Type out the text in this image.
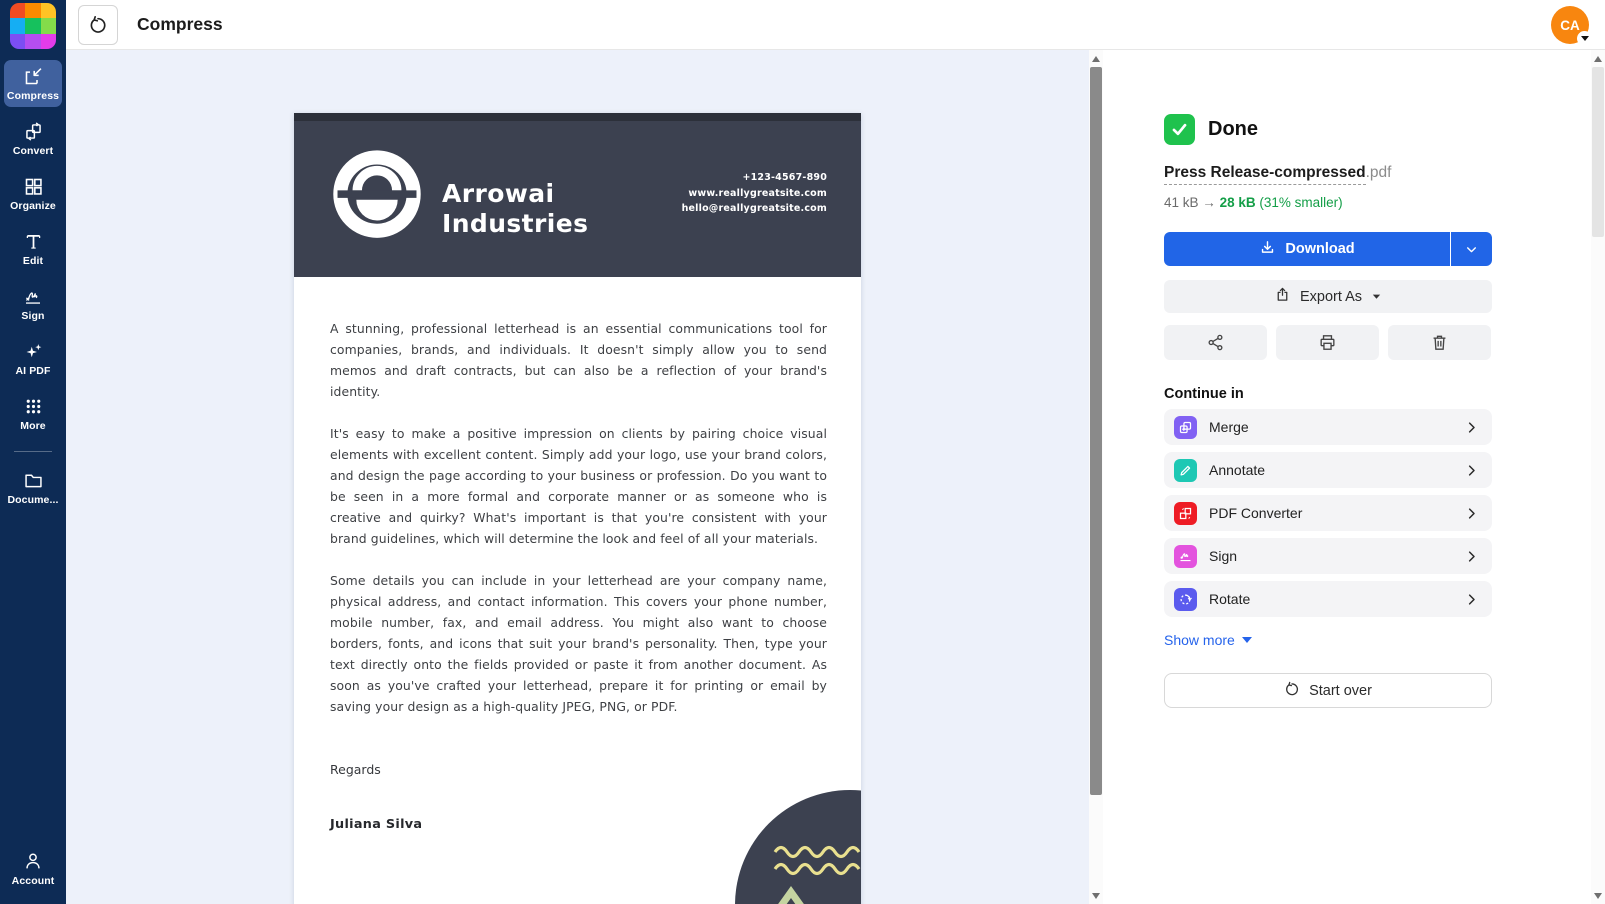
Compress
Convert
Organize
Edit
Sign
AI PDF
More
Docume...
Account
Compress	CA
Arrowai
Industries
+123-4567-890
www.reallygreatsite.com
hello@reallygreatsite.com

A stunning, professional letterhead is an essential communications tool for companies, brands, and individuals. It doesn't simply allow you to send memos and draft contracts, but can also be a reflection of your brand's identity.

It's easy to make a positive impression on clients by pairing choice visual elements with excellent content. Simply add your logo, use your brand colors, and design the page according to your business or profession. Do you want to be seen in a more formal and corporate manner or as someone who is creative and quirky? What's important is that you're consistent with your brand guidelines, which will determine the look and feel of all your materials.

Some details you can include in your letterhead are your company name, physical address, and contact information. This covers your phone number, mobile number, fax, and email address. You might also want to choose borders, fonts, and icons that suit your brand's personality. Then, type your text directly onto the fields provided or paste it from another document. As soon as you've crafted your letterhead, prepare it for printing or email by saving your design as a high-quality JPEG, PNG, or PDF.

Regards
Juliana Silva
Done
Press Release-compressed.pdf
41 kB → 28 kB (31% smaller)
Download
Export As
Continue in
Merge
Annotate
PDF Converter
Sign
Rotate
Show more
Start over
